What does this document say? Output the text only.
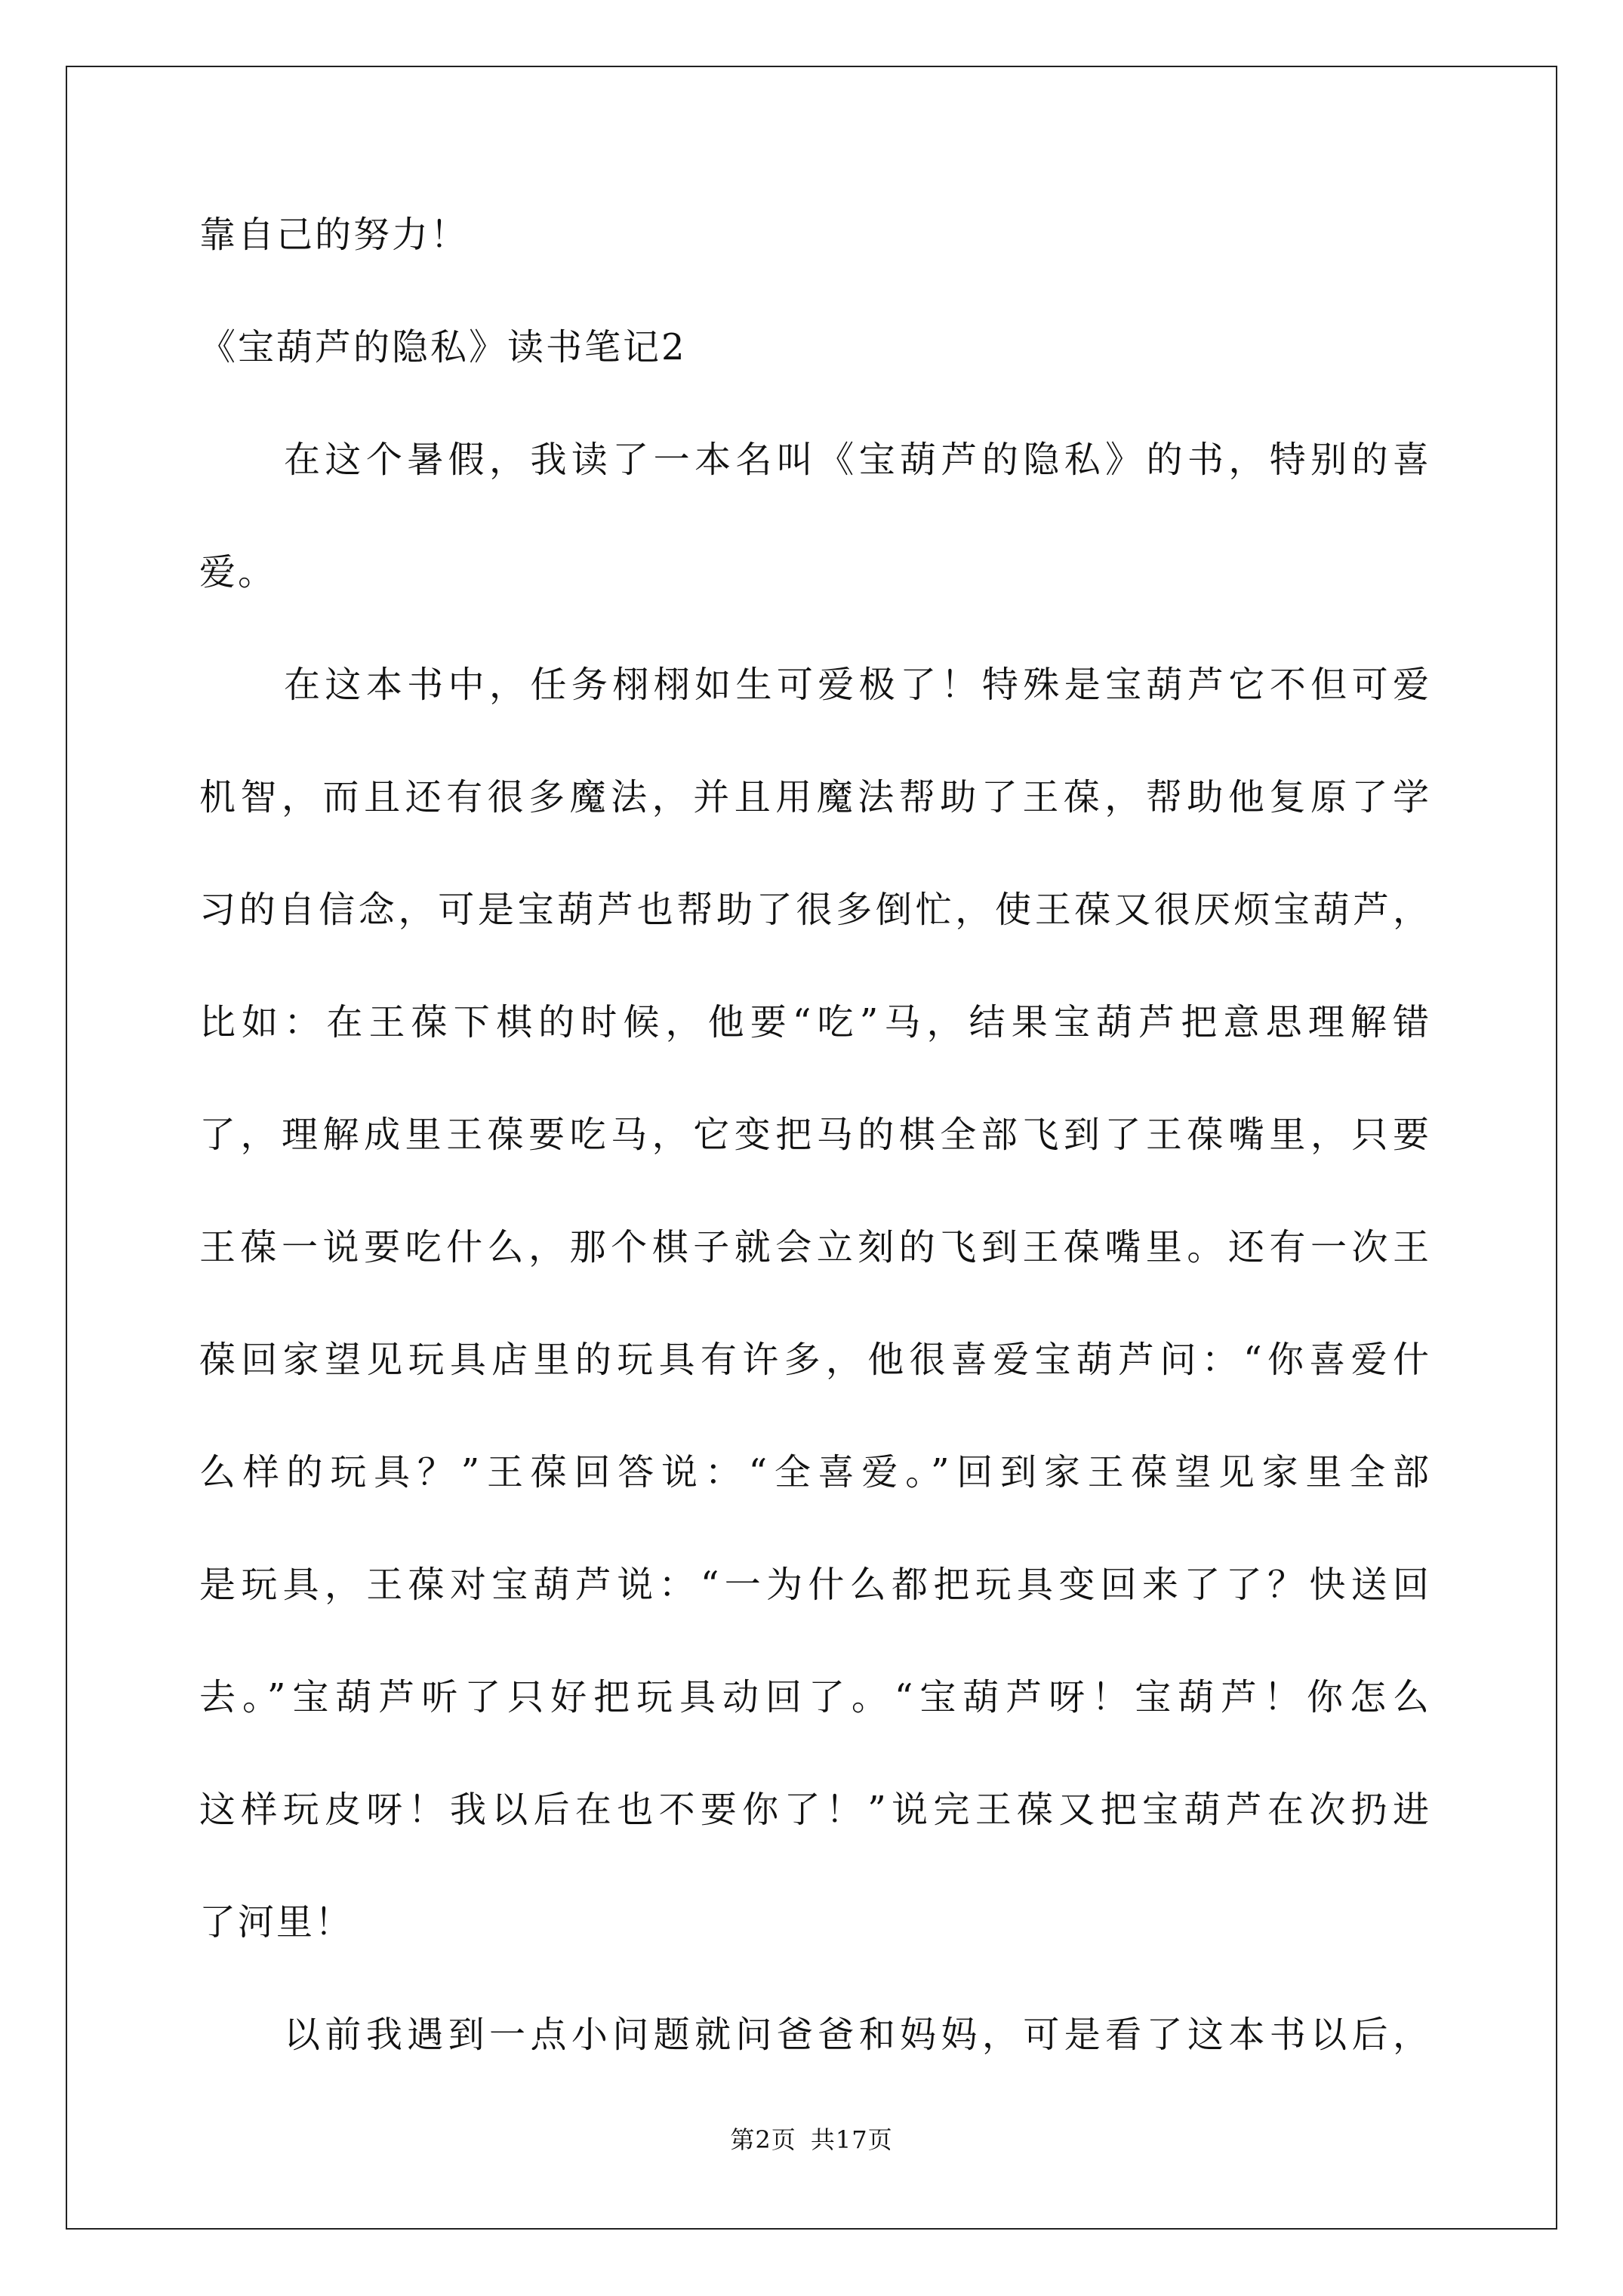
靠自己的努力！
《宝葫芦的隐私》读书笔记2
在这个暑假，我读了一本名叫《宝葫芦的隐私》的书，特别的喜
爱。
在这本书中，任务栩栩如生可爱极了！特殊是宝葫芦它不但可爱
机智，而且还有很多魔法，并且用魔法帮助了王葆，帮助他复原了学
习的自信念，可是宝葫芦也帮助了很多倒忙，使王葆又很厌烦宝葫芦，
比如：在王葆下棋的时候，他要“吃”马，结果宝葫芦把意思理解错
了，理解成里王葆要吃马，它变把马的棋全部飞到了王葆嘴里，只要
王葆一说要吃什么，那个棋子就会立刻的飞到王葆嘴里。还有一次王
葆回家望见玩具店里的玩具有许多，他很喜爱宝葫芦问：“你喜爱什
么样的玩具？”王葆回答说：“全喜爱。”回到家王葆望见家里全部
是玩具，王葆对宝葫芦说：“一为什么都把玩具变回来了了？快送回
去。”宝葫芦听了只好把玩具动回了。“宝葫芦呀！宝葫芦！你怎么
这样玩皮呀！我以后在也不要你了！”说完王葆又把宝葫芦在次扔进
了河里！
以前我遇到一点小问题就问爸爸和妈妈，可是看了这本书以后，
第2页 共17页
